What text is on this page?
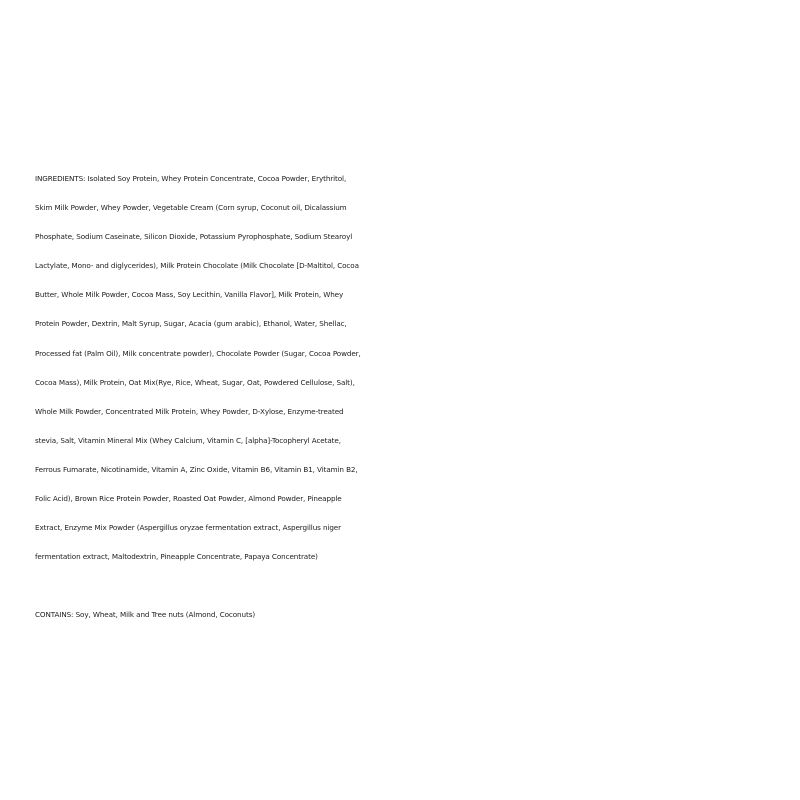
INGREDIENTS: Isolated Soy Protein, Whey Protein Concentrate, Cocoa Powder, Erythritol,
Skim Milk Powder, Whey Powder, Vegetable Cream (Corn syrup, Coconut oil, Dicalassium
Phosphate, Sodium Caseinate, Silicon Dioxide, Potassium Pyrophosphate, Sodium Stearoyl
Lactylate, Mono- and diglycerides), Milk Protein Chocolate (Milk Chocolate [D-Maltitol, Cocoa
Butter, Whole Milk Powder, Cocoa Mass, Soy Lecithin, Vanilla Flavor], Milk Protein, Whey
Protein Powder, Dextrin, Malt Syrup, Sugar, Acacia (gum arabic), Ethanol, Water, Shellac,
Processed fat (Palm Oil), Milk concentrate powder), Chocolate Powder (Sugar, Cocoa Powder,
Cocoa Mass), Milk Protein, Oat Mix(Rye, Rice, Wheat, Sugar, Oat, Powdered Cellulose, Salt),
Whole Milk Powder, Concentrated Milk Protein, Whey Powder, D-Xylose, Enzyme-treated
stevia, Salt, Vitamin Mineral Mix (Whey Calcium, Vitamin C, [alpha]-Tocopheryl Acetate,
Ferrous Fumarate, Nicotinamide, Vitamin A, Zinc Oxide, Vitamin B6, Vitamin B1, Vitamin B2,
Folic Acid), Brown Rice Protein Powder, Roasted Oat Powder, Almond Powder, Pineapple
Extract, Enzyme Mix Powder (Aspergillus oryzae fermentation extract, Aspergillus niger
fermentation extract, Maltodextrin, Pineapple Concentrate, Papaya Concentrate)
CONTAINS: Soy, Wheat, Milk and Tree nuts (Almond, Coconuts)
